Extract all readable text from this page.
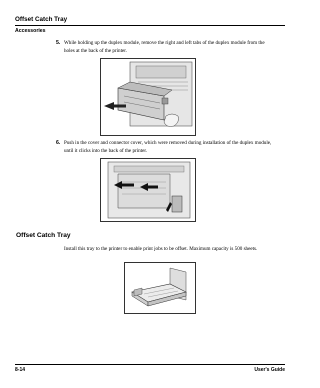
Offset Catch Tray
Accessories
5. While holding up the duplex module, remove the right and left tabs of the duplex module from the holes at the back of the printer.

6. Push in the cover and connector cover, which were removed during installation of the duplex module, until it clicks into the back of the printer.

Offset Catch Tray

Install this tray to the printer to enable print jobs to be offset. Maximum capacity is 500 sheets.

8-14	User's Guide
